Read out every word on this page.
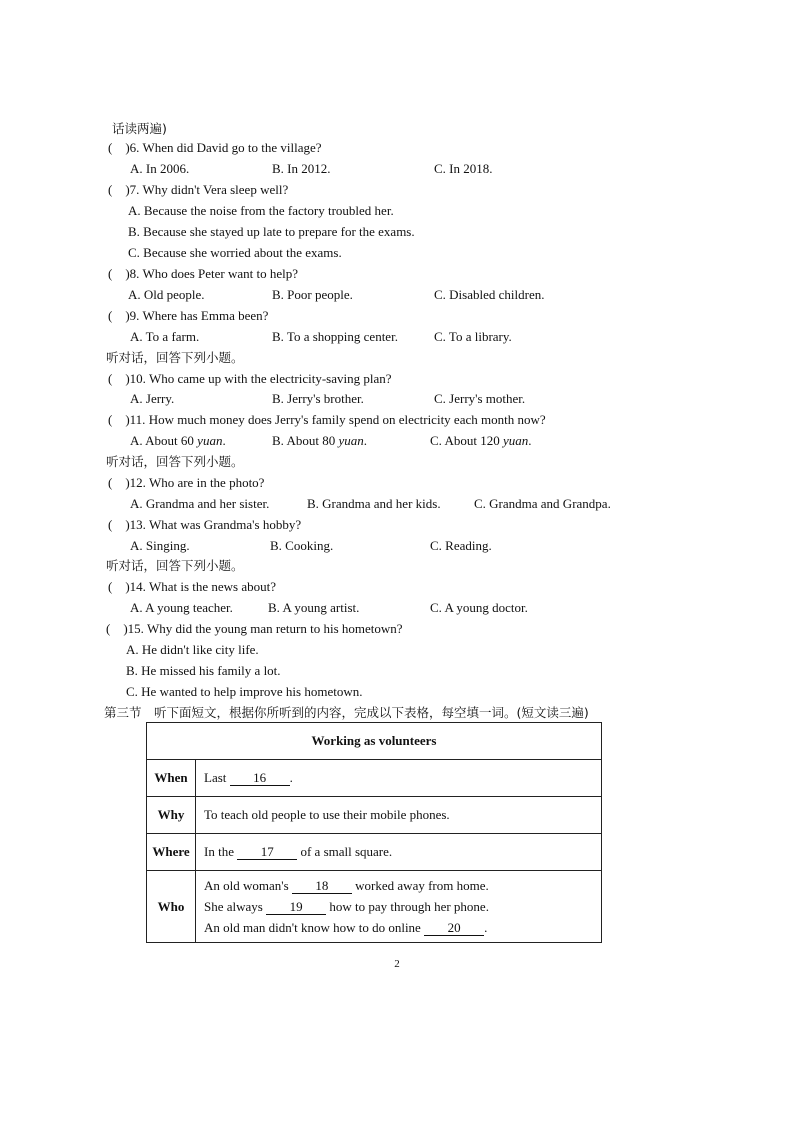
话读两遍)
(　)6. When did David go to the village?
A. In 2006.	B. In 2012.	C. In 2018.
(　)7. Why didn't Vera sleep well?
A. Because the noise from the factory troubled her.
B. Because she stayed up late to prepare for the exams.
C. Because she worried about the exams.
(　)8. Who does Peter want to help?
A. Old people.	B. Poor people.	C. Disabled children.
(　)9. Where has Emma been?
A. To a farm.	B. To a shopping center.	C. To a library.
听对话，回答下列小题。
(　)10. Who came up with the electricity-saving plan?
A. Jerry.	B. Jerry's brother.	C. Jerry's mother.
(　)11. How much money does Jerry's family spend on electricity each month now?
A. About 60 yuan.	B. About 80 yuan.	C. About 120 yuan.
听对话，回答下列小题。
(　)12. Who are in the photo?
A. Grandma and her sister.	B. Grandma and her kids.	C. Grandma and Grandpa.
(　)13. What was Grandma's hobby?
A. Singing.	B. Cooking.	C. Reading.
听对话，回答下列小题。
(　)14. What is the news about?
A. A young teacher.	B. A young artist.	C. A young doctor.
(　)15. Why did the young man return to his hometown?
A. He didn't like city life.
B. He missed his family a lot.
C. He wanted to help improve his hometown.
第三节　听下面短文，根据你所听到的内容，完成以下表格，每空填一词。(短文读三遍)
Working as volunteers	
When	Last 16 .
Why	To teach old people to use their mobile phones.
Where	In the 17 of a small square.
Who	An old woman's 18 worked away from home.
She always 19 how to pay through her phone.
An old man didn't know how to do online 20 .
2
